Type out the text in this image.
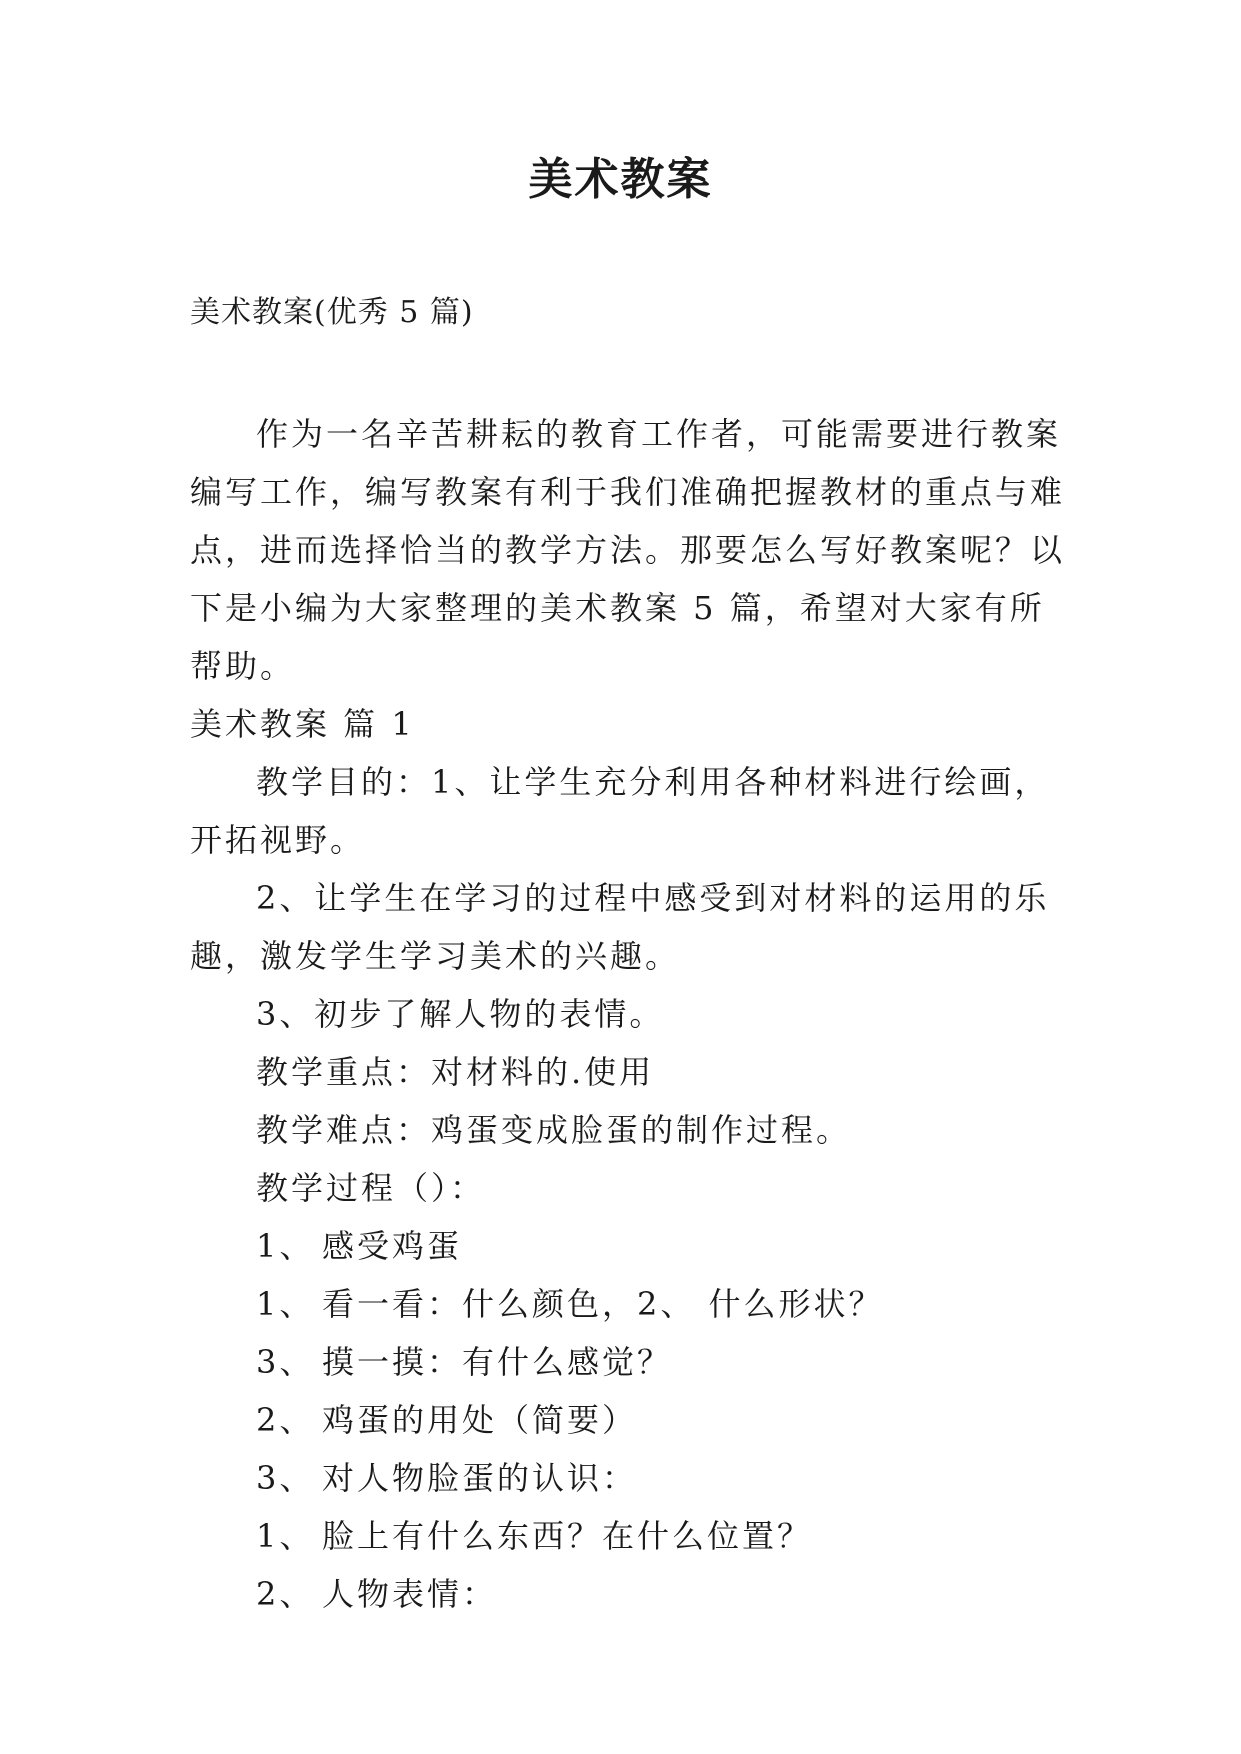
美术教案
美术教案(优秀 5 篇)

作为一名辛苦耕耘的教育工作者，可能需要进行教案编写工作，编写教案有利于我们准确把握教材的重点与难点，进而选择恰当的教学方法。那要怎么写好教案呢？以下是小编为大家整理的美术教案 5 篇，希望对大家有所帮助。

美术教案 篇 1

教学目的：1、让学生充分利用各种材料进行绘画，开拓视野。

2、让学生在学习的过程中感受到对材料的运用的乐趣，激发学生学习美术的兴趣。

3、初步了解人物的表情。

教学重点：对材料的.使用

教学难点：鸡蛋变成脸蛋的制作过程。

教学过程（）：

1、 感受鸡蛋

1、 看一看：什么颜色，2、 什么形状？

3、 摸一摸：有什么感觉？

2、 鸡蛋的用处（简要）

3、 对人物脸蛋的认识：

1、 脸上有什么东西？在什么位置？

2、 人物表情：
